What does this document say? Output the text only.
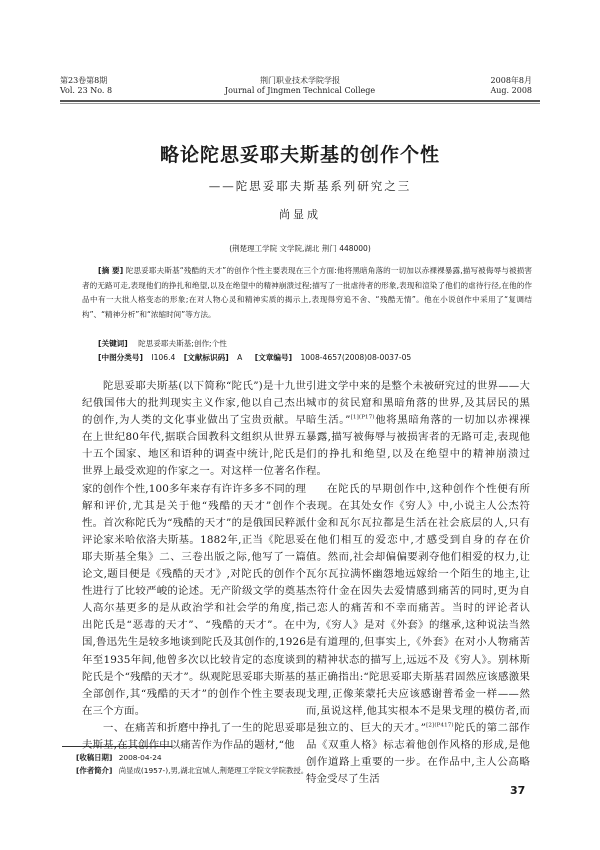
第23卷第8期
Vol. 23 No. 8
荆门职业技术学院学报
Journal of Jingmen Technical College
2008年8月
Aug. 2008
略论陀思妥耶夫斯基的创作个性
——陀思妥耶夫斯基系列研究之三
尚显成
(荆楚理工学院 文学院,湖北 荆门 448000)
[摘 要] 陀思妥耶夫斯基“残酷的天才”的创作个性主要表现在三个方面:他将黑暗角落的一切加以赤裸裸暴露,描写被侮辱与被损害者的无路可走,表现他们的挣扎和绝望,以及在绝望中的精神崩溃过程;描写了一批虐待者的形象,表现和渲染了他们的虐待行径,在他的作品中有一大批人格变态的形象;在对人物心灵和精神实质的揭示上,表现得穷追不舍、“残酷无情”。他在小说创作中采用了“复调结构”、“精神分析”和“浓缩时间”等方法。
[关键词] 陀思妥耶夫斯基;创作;个性
[中图分类号] I106.4 [文献标识码] A [文章编号] 1008-4657(2008)08-0037-05

陀思妥耶夫斯基(以下简称“陀氏”)是十九世纪俄国伟大的批判现实主义作家,他以自己杰出的创作,为人类的文化事业做出了宝贵贡献。早在上世纪80年代,据联合国教科文组织从世界五十五个国家、地区和语种的调查中统计,陀氏是世界上最受欢迎的作家之一。对这样一位著名作家的创作个性,100多年来存有许许多多不同的理解和评价,尤其是关于他“残酷的天才”创作个性。首次称陀氏为“残酷的天才”的是俄国民粹派评论家米哈依洛夫斯基。1882年,正当《陀思妥耶夫斯基全集》二、三卷出版之际,他写了一篇论文,题目便是《残酷的天才》,对陀氏的创作个性进行了比较严峻的论述。无产阶级文学的奠基人高尔基更多的是从政治学和社会学的角度,指出陀氏是“恶毒的天才”、“残酷的天才”。在中国,鲁迅先生是较多地谈到陀氏及其创作的,1926年至1935年间,他曾多次以比较肯定的态度谈到陀氏是个“残酷的天才”。纵观陀思妥耶夫斯基的全部创作,其“残酷的天才”的创作个性主要表现在三个方面。

一、在痛苦和折磨中挣扎了一生的陀思妥耶夫斯基,在其创作中以痛苦作为作品的题材,“他

引进文学中来的是整个未被研究过的世界——大城市的贫民窟和黑暗角落的世界,及其居民的黑暗生活。”$^{[1](P17)}$他将黑暗角落的一切加以赤裸裸暴露,描写被侮辱与被损害者的无路可走,表现他们的挣扎和绝望,以及在绝望中的精神崩溃过程。

在陀氏的早期创作中,这种创作个性便有所表现。在其处女作《穷人》中,小说主人公杰符什金和瓦尔瓦拉都是生活在社会底层的人,只有在他们相互的爱恋中,才感受到自身的存在价值。然而,社会却偏偏要剥夺他们相爱的权力,让瓦尔瓦拉满怀幽怨地远嫁给一个陌生的地主,让杰符什金在因失去爱情感到痛苦的同时,更为自己恋人的痛苦和不幸而痛苦。当时的评论者认为,《穷人》是对《外套》的继承,这种说法当然是有道理的,但事实上,《外套》在对小人物痛苦的精神状态的描写上,远远不及《穷人》。别林斯基正确指出:“陀思妥耶夫斯基君固然应该感激果戈理,正像莱蒙托夫应该感谢普希金一样——然而,虽说这样,他其实根本不是果戈理的模仿者,而是独立的、巨大的天才。”$^{[2](P417)}$陀氏的第二部作品《双重人格》标志着他创作风格的形成,是他创作道路上重要的一步。在作品中,主人公高略特金受尽了生活

[收稿日期] 2008-04-24
[作者简介] 尚显成(1957-),男,湖北宜城人,荆楚理工学院文学院教授。
37
